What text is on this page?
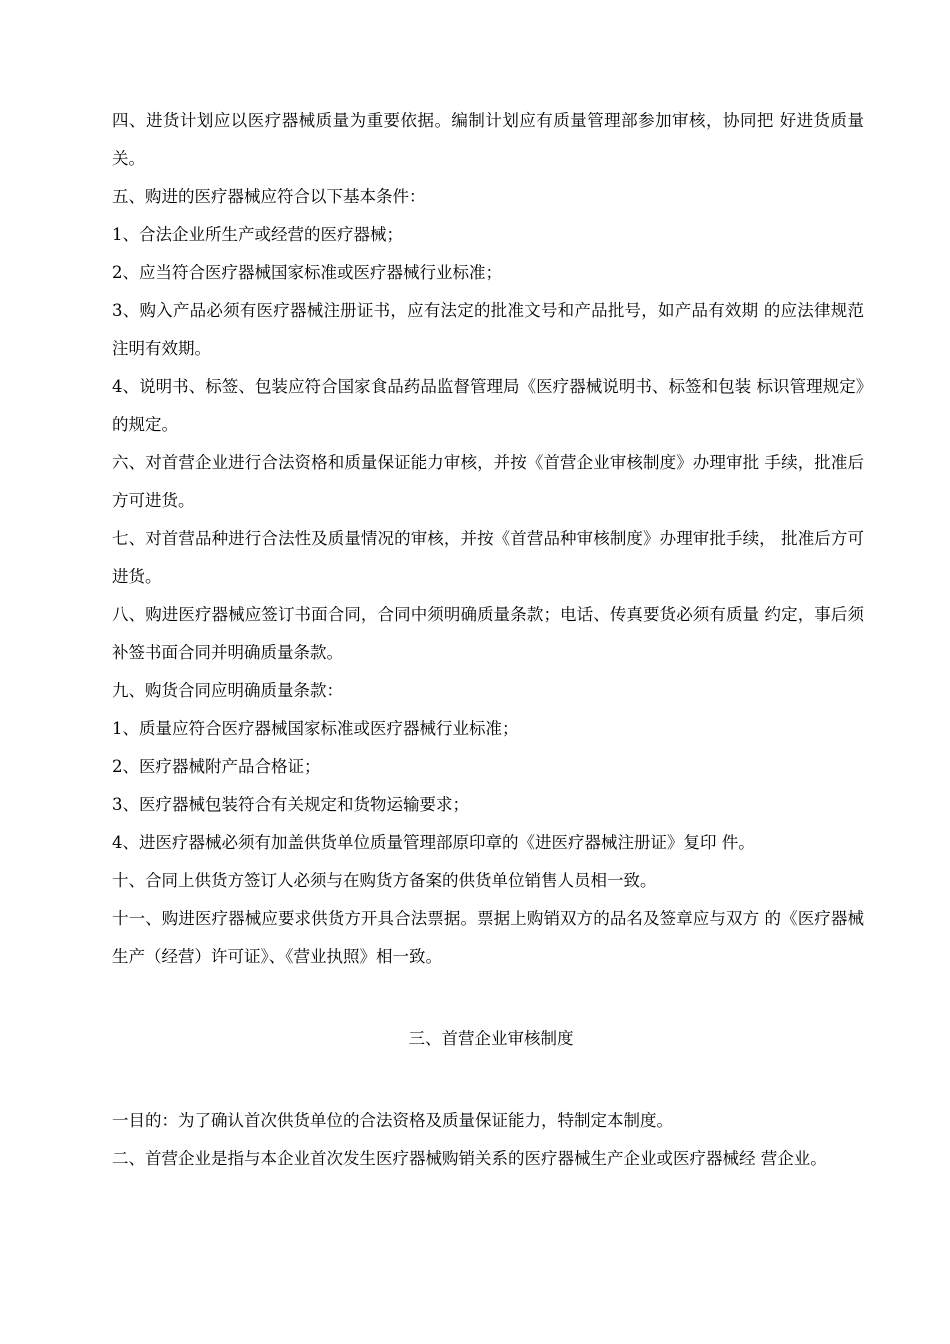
四、进货计划应以医疗器械质量为重要依据。编制计划应有质量管理部参加审核，协同把 好进货质量关。

五、购进的医疗器械应符合以下基本条件：

1、合法企业所生产或经营的医疗器械；

2、应当符合医疗器械国家标准或医疗器械行业标准；

3、购入产品必须有医疗器械注册证书，应有法定的批准文号和产品批号，如产品有效期 的应法律规范注明有效期。

4、说明书、标签、包装应符合国家食品药品监督管理局《医疗器械说明书、标签和包装 标识管理规定》的规定。

六、对首营企业进行合法资格和质量保证能力审核，并按《首营企业审核制度》办理审批 手续，批准后方可进货。

七、对首营品种进行合法性及质量情况的审核，并按《首营品种审核制度》办理审批手续， 批准后方可进货。

八、购进医疗器械应签订书面合同，合同中须明确质量条款；电话、传真要货必须有质量 约定，事后须补签书面合同并明确质量条款。

九、购货合同应明确质量条款：

1、质量应符合医疗器械国家标准或医疗器械行业标准；

2、医疗器械附产品合格证；

3、医疗器械包装符合有关规定和货物运输要求；

4、进医疗器械必须有加盖供货单位质量管理部原印章的《进医疗器械注册证》复印 件。

十、合同上供货方签订人必须与在购货方备案的供货单位销售人员相一致。

十一、购进医疗器械应要求供货方开具合法票据。票据上购销双方的品名及签章应与双方 的《医疗器械生产（经营）许可证》、《营业执照》相一致。

三、首营企业审核制度

一目的：为了确认首次供货单位的合法资格及质量保证能力，特制定本制度。

二、首营企业是指与本企业首次发生医疗器械购销关系的医疗器械生产企业或医疗器械经 营企业。
